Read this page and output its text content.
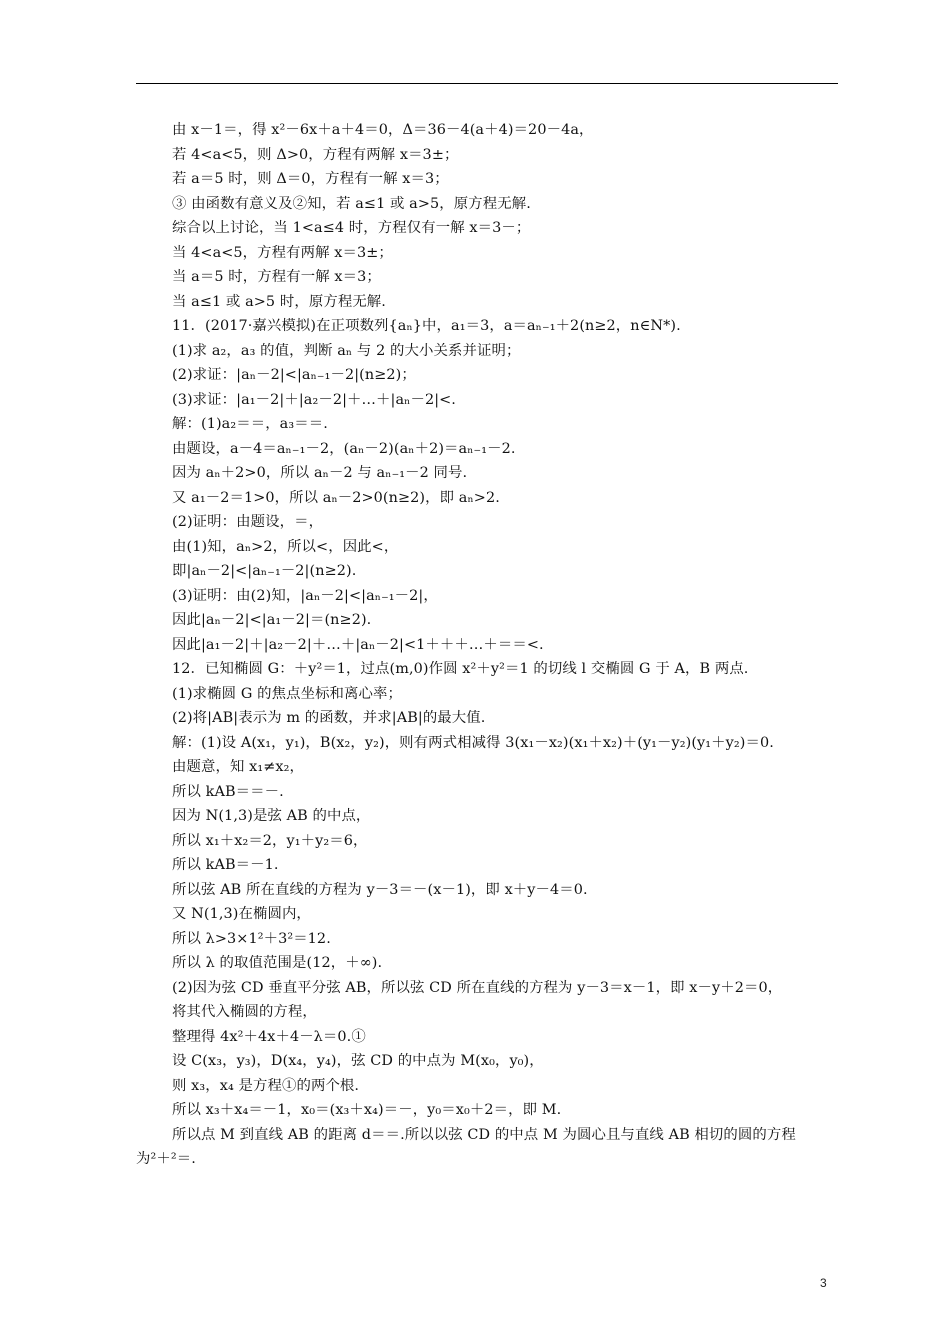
由 x－1＝，得 x²－6x＋a＋4＝0，Δ＝36－4(a＋4)＝20－4a，
若 4<a<5，则 Δ>0，方程有两解 x＝3±；
若 a＝5 时，则 Δ＝0，方程有一解 x＝3；
③ 由函数有意义及②知，若 a≤1 或 a>5，原方程无解.
综合以上讨论，当 1<a≤4 时，方程仅有一解 x＝3－；
当 4<a<5，方程有两解 x＝3±；
当 a＝5 时，方程有一解 x＝3；
当 a≤1 或 a>5 时，原方程无解.
11．(2017·嘉兴模拟)在正项数列{aₙ}中，a₁＝3，a＝aₙ₋₁＋2(n≥2，n∈N*).
(1)求 a₂，a₃ 的值，判断 aₙ 与 2 的大小关系并证明；
(2)求证：|aₙ－2|<|aₙ₋₁－2|(n≥2)；
(3)求证：|a₁－2|＋|a₂－2|＋…＋|aₙ－2|<.
解：(1)a₂＝＝，a₃＝＝.
由题设，a－4＝aₙ₋₁－2，(aₙ－2)(aₙ＋2)＝aₙ₋₁－2.
因为 aₙ＋2>0，所以 aₙ－2 与 aₙ₋₁－2 同号.
又 a₁－2＝1>0，所以 aₙ－2>0(n≥2)，即 aₙ>2.
(2)证明：由题设，＝，
由(1)知，aₙ>2，所以<，因此<，
即|aₙ－2|<|aₙ₋₁－2|(n≥2).
(3)证明：由(2)知，|aₙ－2|<|aₙ₋₁－2|，
因此|aₙ－2|<|a₁－2|＝(n≥2).
因此|a₁－2|＋|a₂－2|＋…＋|aₙ－2|<1＋＋＋…＋＝＝<.
12．已知椭圆 G：＋y²＝1，过点(m,0)作圆 x²＋y²＝1 的切线 l 交椭圆 G 于 A，B 两点.
(1)求椭圆 G 的焦点坐标和离心率；
(2)将|AB|表示为 m 的函数，并求|AB|的最大值.
解：(1)设 A(x₁，y₁)，B(x₂，y₂)，则有两式相减得 3(x₁－x₂)(x₁＋x₂)＋(y₁－y₂)(y₁＋y₂)＝0.
由题意，知 x₁≠x₂，
所以 kAB＝＝－.
因为 N(1,3)是弦 AB 的中点，
所以 x₁＋x₂＝2，y₁＋y₂＝6，
所以 kAB＝－1.
所以弦 AB 所在直线的方程为 y－3＝－(x－1)，即 x＋y－4＝0.
又 N(1,3)在椭圆内，
所以 λ>3×1²＋3²＝12.
所以 λ 的取值范围是(12，＋∞).
(2)因为弦 CD 垂直平分弦 AB，所以弦 CD 所在直线的方程为 y－3＝x－1，即 x－y＋2＝0，
将其代入椭圆的方程，
整理得 4x²＋4x＋4－λ＝0.①
设 C(x₃，y₃)，D(x₄，y₄)，弦 CD 的中点为 M(x₀，y₀)，
则 x₃，x₄ 是方程①的两个根.
所以 x₃＋x₄＝－1，x₀＝(x₃＋x₄)＝－，y₀＝x₀＋2＝，即 M.
所以点 M 到直线 AB 的距离 d＝＝.所以以弦 CD 的中点 M 为圆心且与直线 AB 相切的圆的方程
为²＋²＝.
3
